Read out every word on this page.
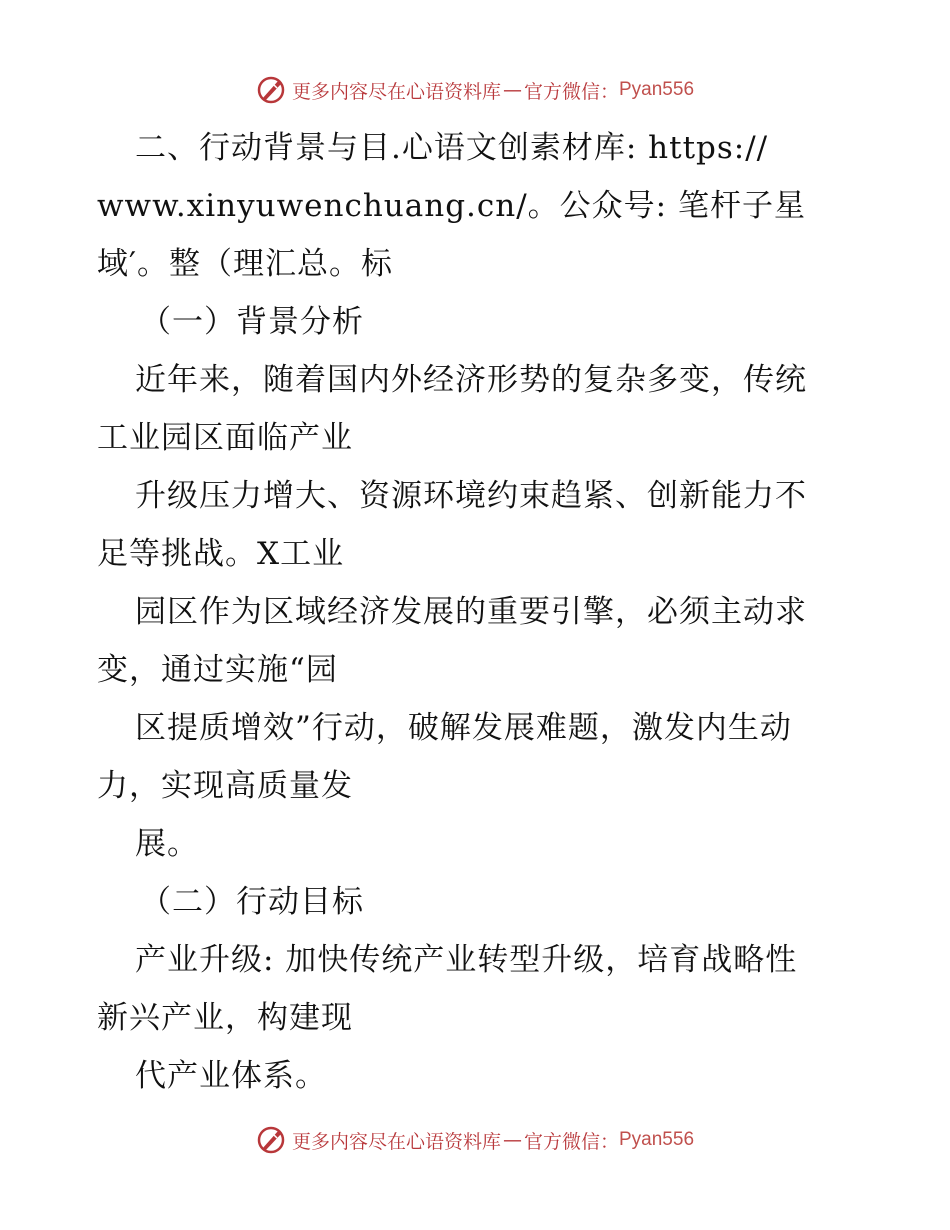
更多内容尽在心语资料库 — 官方微信： Pyan556
二、行动背景与目.心语文创素材库: https://
www.xinyuwenchuang.cn/。公众号: 笔杆子星
域′。整（理汇总。标
（一）背景分析
近年来，随着国内外经济形势的复杂多变，传统
工业园区面临产业
升级压力增大、资源环境约束趋紧、创新能力不
足等挑战。X工业
园区作为区域经济发展的重要引擎，必须主动求
变，通过实施“园
区提质增效”行动，破解发展难题，激发内生动
力，实现高质量发
展。
（二）行动目标
产业升级: 加快传统产业转型升级，培育战略性
新兴产业，构建现
代产业体系。
更多内容尽在心语资料库 — 官方微信： Pyan556
